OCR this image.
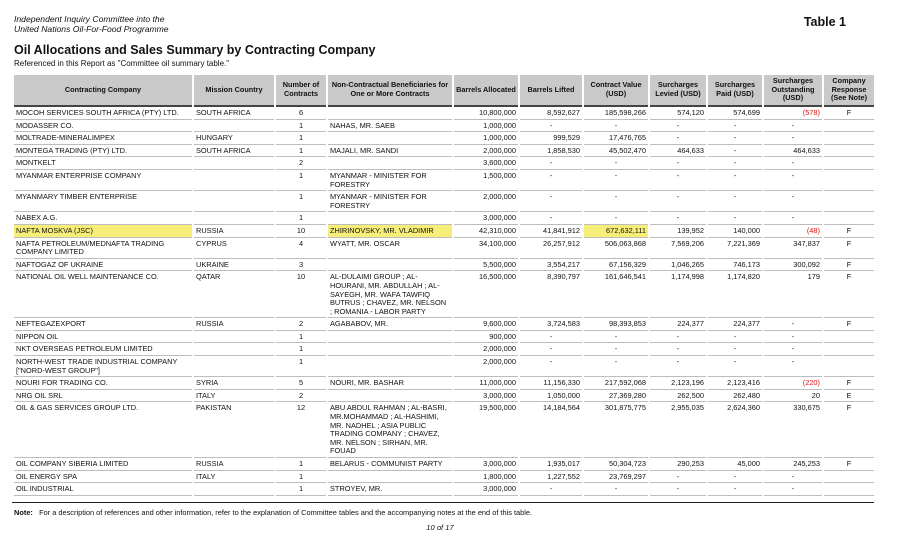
Independent Inquiry Committee into the
United Nations Oil-For-Food Programme	Table 1
Oil Allocations and Sales Summary by Contracting Company
Referenced in this Report as "Committee oil summary table."
Contracting Company	Mission Country	Number of Contracts	Non-Contractual Beneficiaries for One or More Contracts	Barrels Allocated	Barrels Lifted	Contract Value (USD)	Surcharges Levied (USD)	Surcharges Paid (USD)	Surcharges Outstanding (USD)	Company Response (See Note)
MOCOH SERVICES SOUTH AFRICA (PTY) LTD.	SOUTH AFRICA	6		10,800,000	8,592,627	185,598,266	574,120	574,699	(578)	F
MODASSER CO.		1	NAHAS, MR. SAEB	1,000,000	-	-	-	-	-	
MOLTRADE-MINERALIMPEX	HUNGARY	1		1,000,000	999,529	17,476,765	-	-	-	
MONTEGA TRADING (PTY) LTD.	SOUTH AFRICA	1	MAJALI, MR. SANDI	2,000,000	1,858,530	45,502,470	464,633	-	464,633	
MONTKELT		2		3,600,000	-	-	-	-	-	
MYANMAR ENTERPRISE COMPANY		1	MYANMAR - MINISTER FOR FORESTRY	1,500,000	-	-	-	-	-	
MYANMARY TIMBER ENTERPRISE		1	MYANMAR - MINISTER FOR FORESTRY	2,000,000	-	-	-	-	-	
NABEX A.G.		1		3,000,000	-	-	-	-	-	
NAFTA MOSKVA (JSC)	RUSSIA	10	ZHIRINOVSKY, MR. VLADIMIR	42,310,000	41,841,912	672,632,111	139,952	140,000	(48)	F
NAFTA PETROLEUM/MEDNAFTA TRADING COMPANY LIMITED	CYPRUS	4	WYATT, MR. OSCAR	34,100,000	26,257,912	506,063,868	7,569,206	7,221,369	347,837	F
NAFTOGAZ OF UKRAINE	UKRAINE	3		5,500,000	3,554,217	67,156,329	1,046,265	746,173	300,092	F
NATIONAL OIL WELL MAINTENANCE CO.	QATAR	10	AL-DULAIMI GROUP ; AL-HOURANI, MR. ABDULLAH ; AL-SAYEGH, MR. WAFA TAWFIQ BUTRUS ; CHAVEZ, MR. NELSON ; ROMANIA - LABOR PARTY	16,500,000	8,390,797	161,646,541	1,174,998	1,174,820	179	F
NEFTEGAZEXPORT	RUSSIA	2	AGABABOV, MR.	9,600,000	3,724,583	98,393,853	224,377	224,377	-	F
NIPPON OIL		1		900,000	-	-	-	-	-	
NKT OVERSEAS PETROLEUM LIMITED		1		2,000,000	-	-	-	-	-	
NORTH-WEST TRADE INDUSTRIAL COMPANY ["NORD-WEST GROUP"]		1		2,000,000	-	-	-	-	-	
NOURI FOR TRADING CO.	SYRIA	5	NOURI, MR. BASHAR	11,000,000	11,156,330	217,592,068	2,123,196	2,123,416	(220)	F
NRG OIL SRL	ITALY	2		3,000,000	1,050,000	27,369,280	262,500	262,480	20	E
OIL & GAS SERVICES GROUP LTD.	PAKISTAN	12	ABU ABDUL RAHMAN ; AL-BASRI, MR.MOHAMMAD ; AL-HASHIMI, MR. NADHEL ; ASIA PUBLIC TRADING COMPANY ; CHAVEZ, MR. NELSON ; SIRHAN, MR. FOUAD	19,500,000	14,184,564	301,875,775	2,955,035	2,624,360	330,675	F
OIL COMPANY SIBERIA LIMITED	RUSSIA	1	BELARUS - COMMUNIST PARTY	3,000,000	1,935,017	50,304,723	290,253	45,000	245,253	F
OIL ENERGY SPA	ITALY	1		1,800,000	1,227,552	23,769,297	-	-	-	
OIL INDUSTRIAL		1	STROYEV, MR.	3,000,000	-	-	-	-	-	
Note: For a description of references and other information, refer to the explanation of Committee tables and the accompanying notes at the end of this table.
10 of 17
